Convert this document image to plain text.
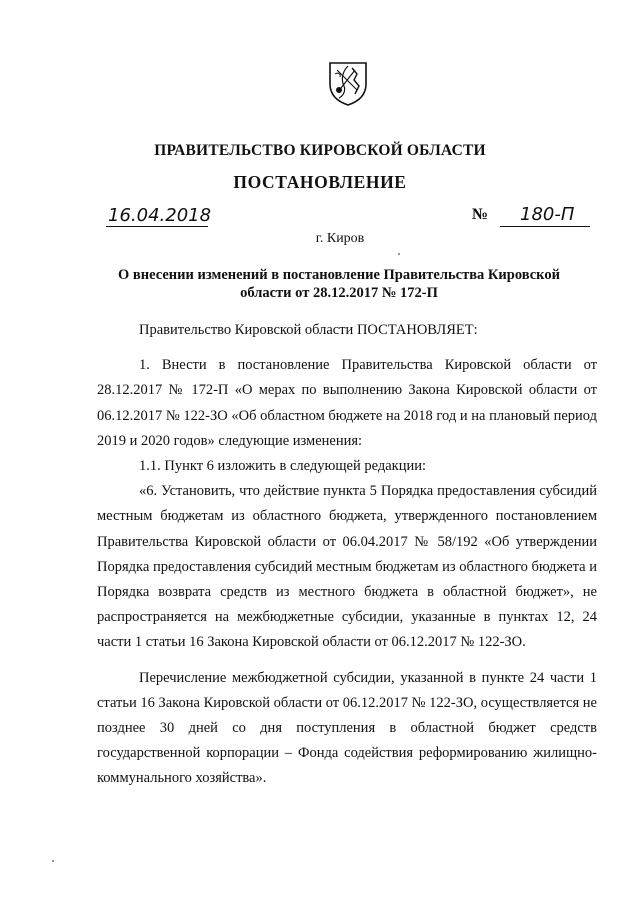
ПРАВИТЕЛЬСТВО КИРОВСКОЙ ОБЛАСТИ
ПОСТАНОВЛЕНИЕ
16.04.2018	№	180-П
г. Киров
О внесении изменений в постановление Правительства Кировской области от 28.12.2017 № 172-П

Правительство Кировской области ПОСТАНОВЛЯЕТ:

1. Внести в постановление Правительства Кировской области от 28.12.2017 № 172-П «О мерах по выполнению Закона Кировской области от 06.12.2017 № 122-ЗО «Об областном бюджете на 2018 год и на плановый период 2019 и 2020 годов» следующие изменения:

1.1. Пункт 6 изложить в следующей редакции:

«6. Установить, что действие пункта 5 Порядка предоставления субсидий местным бюджетам из областного бюджета, утвержденного постановлением Правительства Кировской области от 06.04.2017 № 58/192 «Об утверждении Порядка предоставления субсидий местным бюджетам из областного бюджета и Порядка возврата средств из местного бюджета в областной бюджет», не распространяется на межбюджетные субсидии, указанные в пунктах 12, 24 части 1 статьи 16 Закона Кировской области от 06.12.2017 № 122-ЗО.

Перечисление межбюджетной субсидии, указанной в пункте 24 части 1 статьи 16 Закона Кировской области от 06.12.2017 № 122-ЗО, осуществляется не позднее 30 дней со дня поступления в областной бюджет средств государственной корпорации – Фонда содействия реформированию жилищно-коммунального хозяйства».
